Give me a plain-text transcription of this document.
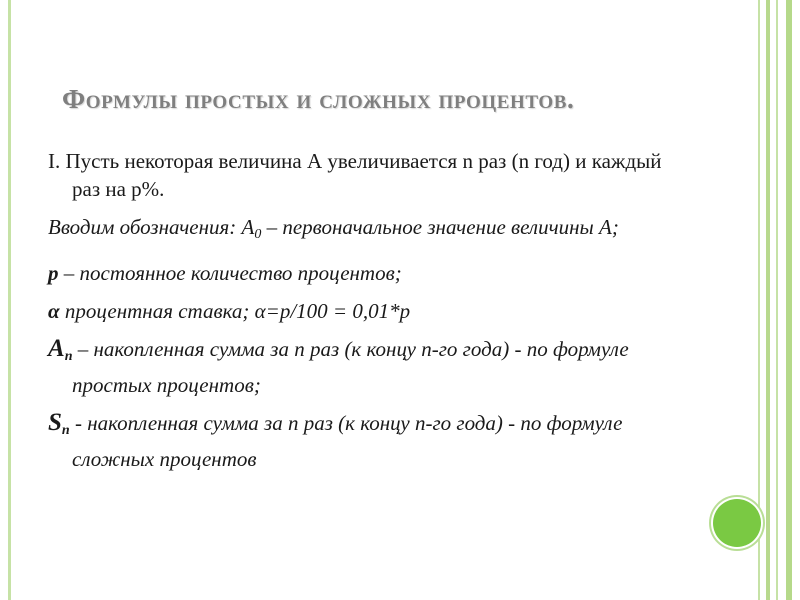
Формулы простых и сложных процентов.

I. Пусть некоторая величина А увеличивается n раз (n год) и каждый раз на р%.

Вводим обозначения: $А_0$ – первоначальное значение величины А;

р – постоянное количество процентов;

α процентная ставка; α=р/100 = 0,01*р

$А_n$ – накопленная сумма за n раз (к концу n-го года) - по формуле простых процентов;

$S_n$ - накопленная сумма за n раз (к концу n-го года) - по формуле сложных процентов
